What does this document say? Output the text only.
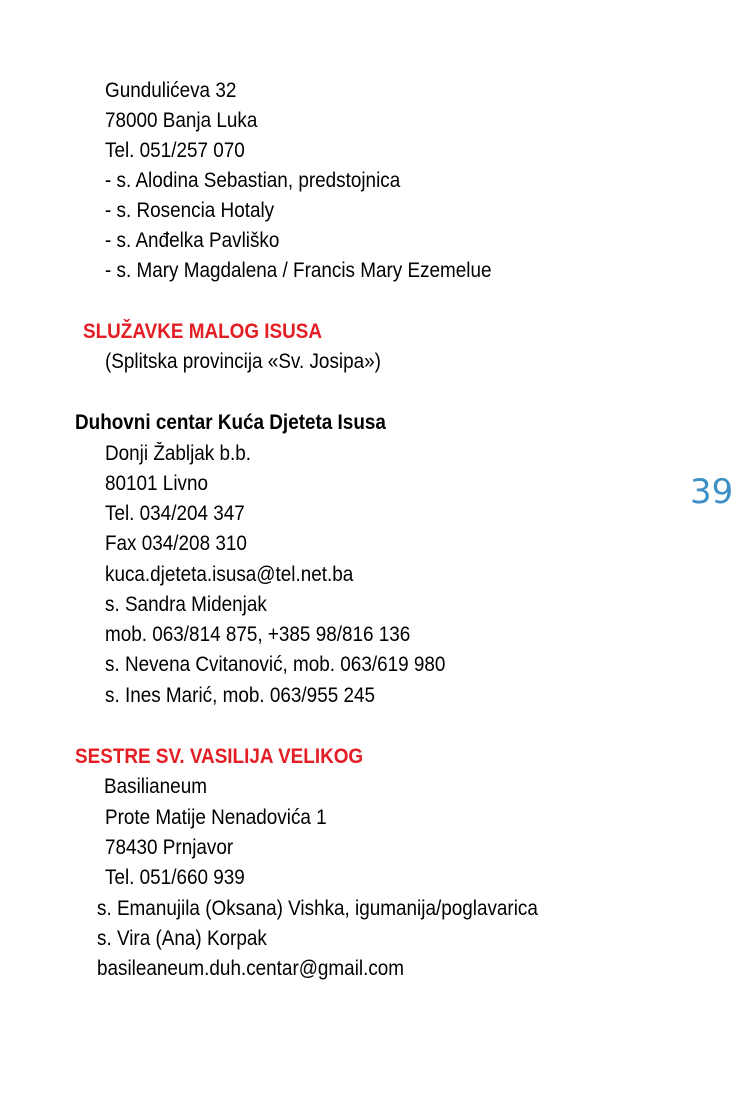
Gundulićeva 32
78000 Banja Luka
Tel. 051/257 070
- s. Alodina Sebastian, predstojnica
- s. Rosencia Hotaly
- s. Anđelka Pavliško
- s. Mary Magdalena / Francis Mary Ezemelue
SLUŽAVKE MALOG ISUSA
(Splitska provincija «Sv. Josipa»)
Duhovni centar Kuća Djeteta Isusa
Donji Žabljak b.b.
80101 Livno
Tel. 034/204 347
Fax 034/208 310
kuca.djeteta.isusa@tel.net.ba
s. Sandra Midenjak
mob. 063/814 875, +385 98/816 136
s. Nevena Cvitanović, mob. 063/619 980
s. Ines Marić, mob. 063/955 245
SESTRE SV. VASILIJA VELIKOG
Basilianeum
Prote Matije Nenadovića 1
78430 Prnjavor
Tel. 051/660 939
s. Emanujila (Oksana) Vishka, igumanija/poglavarica
s. Vira (Ana) Korpak
basileaneum.duh.centar@gmail.com
39
